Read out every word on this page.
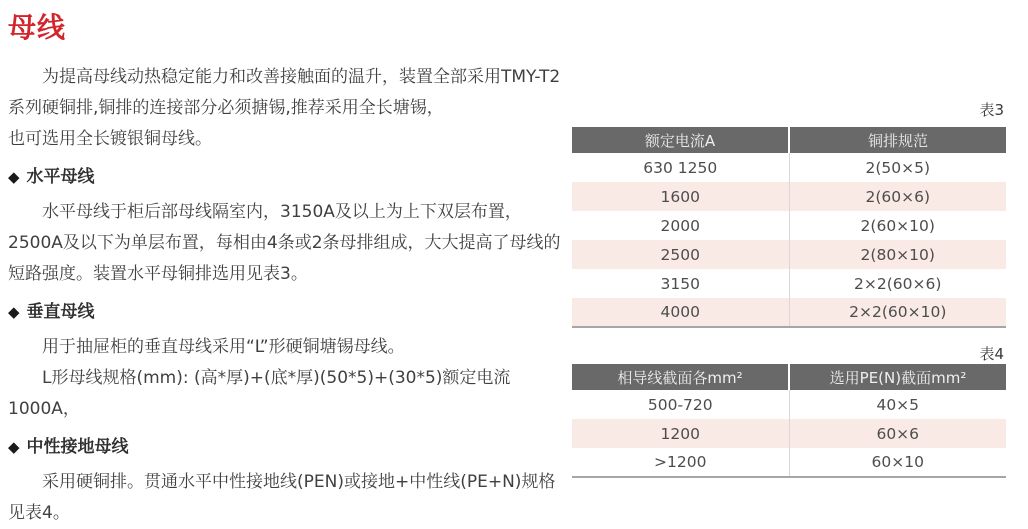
母线
为提高母线动热稳定能力和改善接触面的温升，装置全部采用TMY-T2系列硬铜排,铜排的连接部分必须搪锡,推荐采用全长塘锡，
也可选用全长镀银铜母线。
◆ 水平母线
水平母线于柜后部母线隔室内，3150A及以上为上下双层布置，
2500A及以下为单层布置，每相由4条或2条母排组成，大大提高了母线的
短路强度。装置水平母铜排选用见表3。
◆ 垂直母线
用于抽屉柜的垂直母线采用“L”形硬铜塘锡母线。
L形母线规格(mm): (高*厚)+(底*厚)(50*5)+(30*5)额定电流1000A，
◆ 中性接地母线
采用硬铜排。贯通水平中性接地线(PEN)或接地+中性线(PE+N)规格
见表4。
表3
额定电流A	铜排规范
630 1250	2(50×5)
1600	2(60×6)
2000	2(60×10)
2500	2(80×10)
3150	2×2(60×6)
4000	2×2(60×10)
表4
相导线截面各mm²	选用PE(N)截面mm²
500-720	40×5
1200	60×6
>1200	60×10
